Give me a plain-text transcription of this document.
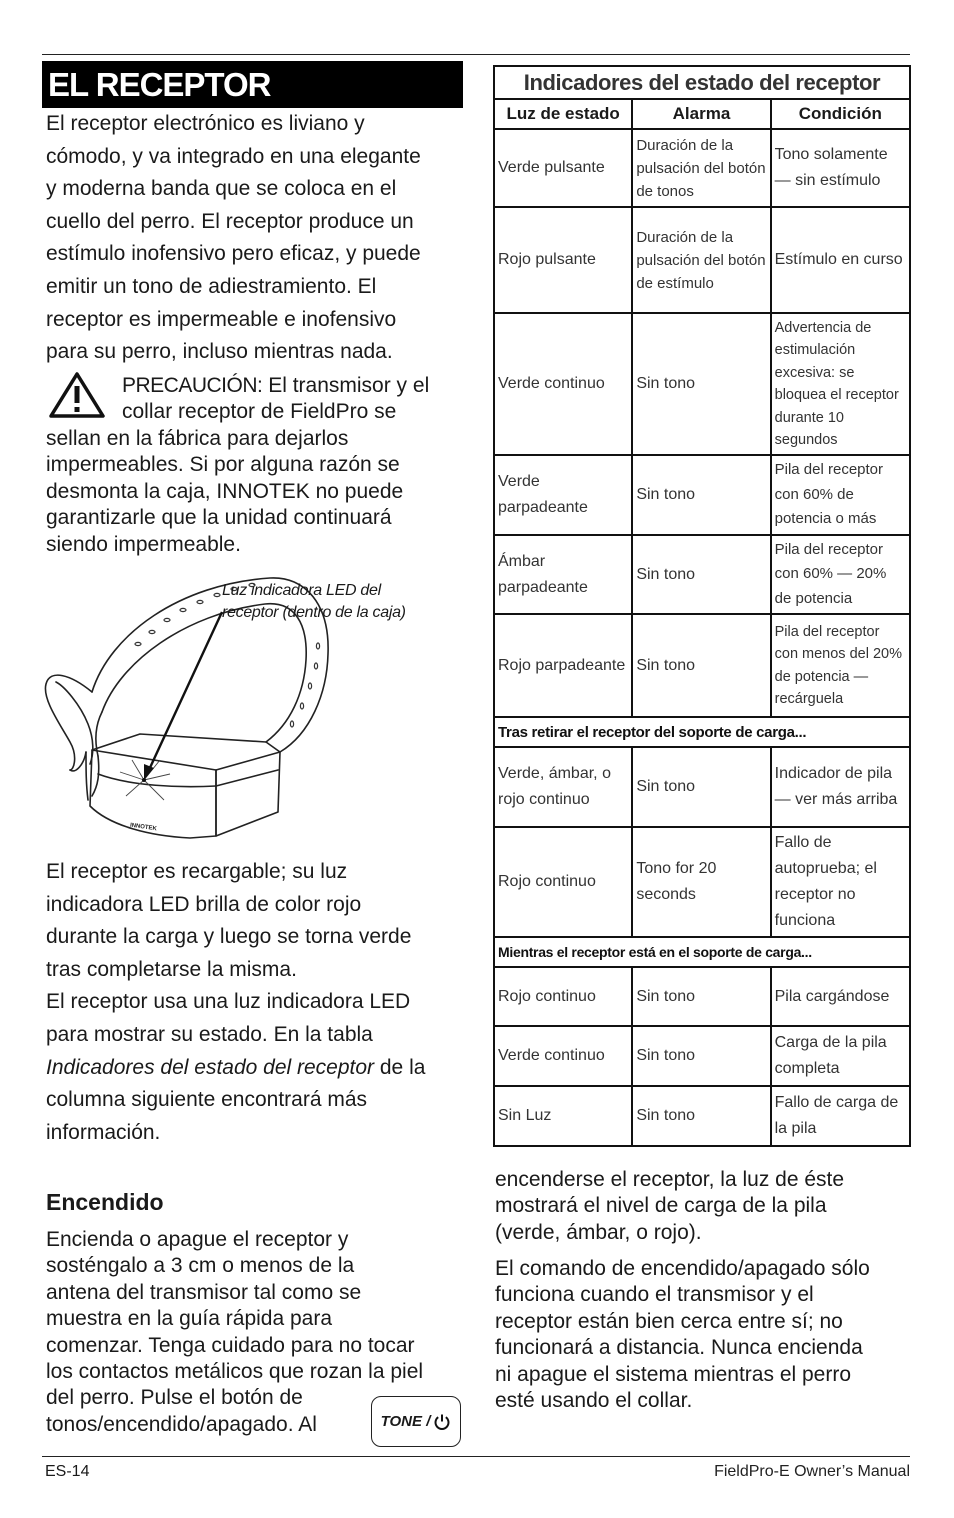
EL RECEPTOR
El receptor electrónico es liviano y
cómodo, y va integrado en una elegante
y moderna banda que se coloca en el
cuello del perro. El receptor produce un
estímulo inofensivo pero eficaz, y puede
emitir un tono de adiestramiento. El
receptor es impermeable e inofensivo
para su perro, incluso mientras nada.
PRECAUCIÓN: El transmisor y el
collar receptor de FieldPro se
sellan en la fábrica para dejarlos
impermeables. Si por alguna razón se
desmonta la caja, INNOTEK no puede
garantizarle que la unidad continuará
siendo impermeable.
INNOTEK
Luz indicadora LED del
receptor (dentro de la caja)
El receptor es recargable; su luz
indicadora LED brilla de color rojo
durante la carga y luego se torna verde
tras completarse la misma.
El receptor usa una luz indicadora LED
para mostrar su estado. En la tabla
Indicadores del estado del receptor de la
columna siguiente encontrará más
información.
Encendido
Encienda o apague el receptor y
sosténgalo a 3 cm o menos de la
antena del transmisor tal como se
muestra en la guía rápida para
comenzar. Tenga cuidado para no tocar
los contactos metálicos que rozan la piel
del perro. Pulse el botón de
tonos/encendido/apagado. Al	TONE /
Indicadores del estado del receptor		
Luz de estado	Alarma	Condición
Verde pulsante	Duración de la pulsación del botón de tonos	Tono solamente — sin estímulo
Rojo pulsante	Duración de la pulsación del botón de estímulo	Estímulo en curso
Verde continuo	Sin tono	Advertencia de estimulación excesiva: se bloquea el receptor durante 10 segundos
Verde parpadeante	Sin tono	Pila del receptor con 60% de potencia o más
Ámbar parpadeante	Sin tono	Pila del receptor con 60% — 20% de potencia
Rojo parpadeante	Sin tono	Pila del receptor con menos del 20% de potencia — recárguela
Tras retirar el receptor del soporte de carga...		
Verde, ámbar, o rojo continuo	Sin tono	Indicador de pila — ver más arriba
Rojo continuo	Tono for 20 seconds	Fallo de autoprueba; el receptor no funciona
Mientras el receptor está en el soporte de carga...		
Rojo continuo	Sin tono	Pila cargándose
Verde continuo	Sin tono	Carga de la pila completa
Sin Luz	Sin tono	Fallo de carga de la pila
encenderse el receptor, la luz de éste
mostrará el nivel de carga de la pila
(verde, ámbar, o rojo).
El comando de encendido/apagado sólo
funciona cuando el transmisor y el
receptor están bien cerca entre sí; no
funcionará a distancia. Nunca encienda
ni apague el sistema mientras el perro
esté usando el collar.
ES-14	FieldPro-E Owner’s Manual
